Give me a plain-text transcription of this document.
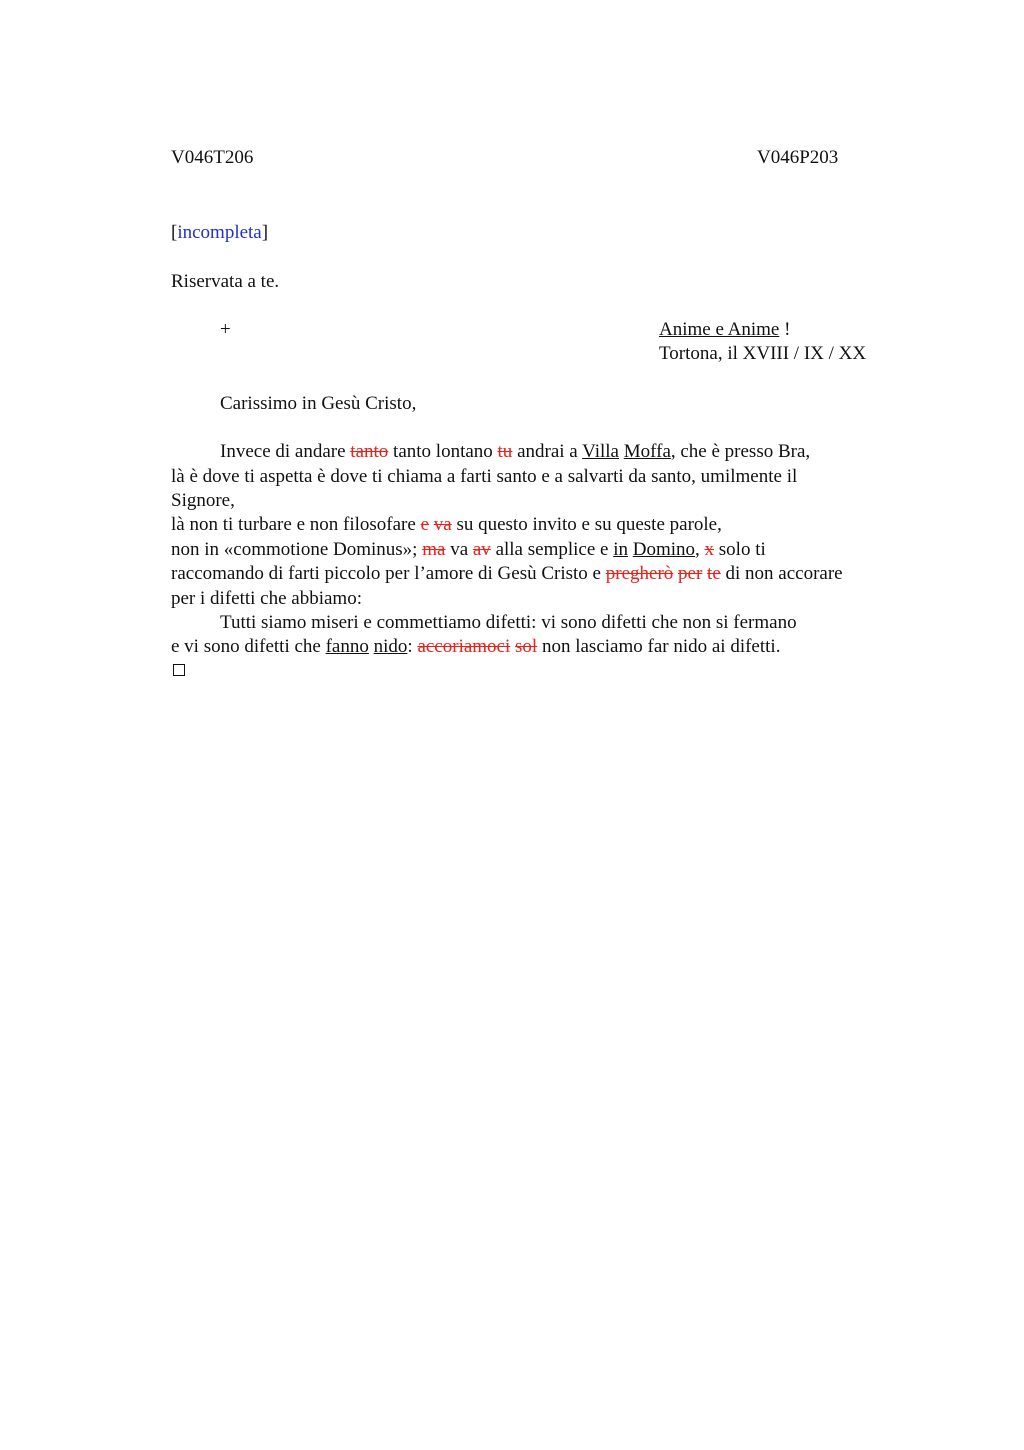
V046T206	V046P203
[incompleta]
Riservata a te.
+	Anime e Anime !
Tortona, il XVIII / IX / XX
Carissimo in Gesù Cristo,
Invece di andare tanto tanto lontano tu andrai a Villa Moffa, che è presso Bra,
là è dove ti aspetta è dove ti chiama a farti santo e a salvarti da santo, umilmente il
Signore,
là non ti turbare e non filosofare e va su questo invito e su queste parole,
non in «commotione Dominus»; ma va av alla semplice e in Domino, x solo ti
raccomando di farti piccolo per l’amore di Gesù Cristo e pregherò per te di non accorare
per i difetti che abbiamo:
Tutti siamo miseri e commettiamo difetti: vi sono difetti che non si fermano
e vi sono difetti che fanno nido: accoriamoci sol non lasciamo far nido ai difetti.
